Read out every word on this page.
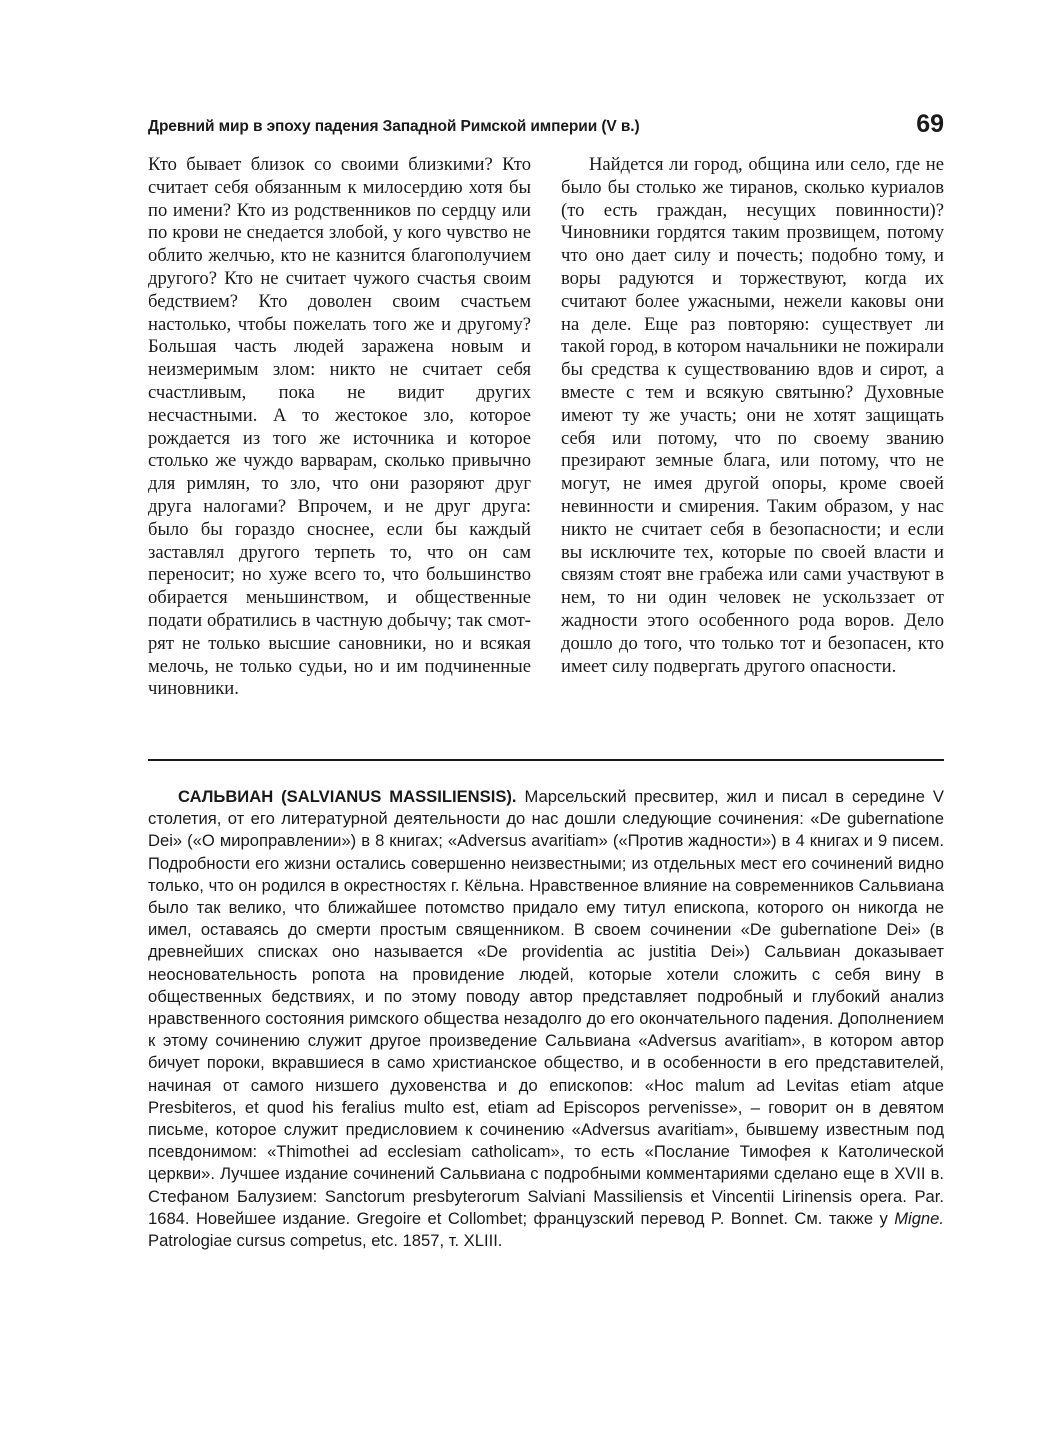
Древний мир в эпоху падения Западной Римской империи (V в.)	69

Кто бывает близок со своими близкими? Кто считает себя обязанным к милосердию хотя бы по имени? Кто из родственников по сердцу или по крови не снедается злобой, у кого чувство не облито желчью, кто не казнится благополучием другого? Кто не считает чужого счастья своим бедствием? Кто доволен своим счастьем настолько, чтобы пожелать того же и другому? Большая часть людей заражена новым и неизмеримым злом: никто не считает себя счастливым, пока не видит других несчастными. А то жестокое зло, которое рождается из того же источника и которое столько же чуждо варварам, сколько привычно для римлян, то зло, что они разоряют друг друга налогами? Впрочем, и не друг друга: было бы гораздо сноснее, если бы каждый заставлял другого терпеть то, что он сам переносит; но хуже всего то, что большинство обирается меньшинством, и общественные подати обратились в частную добычу; так смотрят не только высшие сановники, но и всякая мелочь, не только судьи, но и им подчиненные чиновники.

Найдется ли город, община или село, где не было бы столько же тиранов, сколько куриалов (то есть граждан, несущих повинности)? Чиновники гордятся таким прозвищем, потому что оно дает силу и почесть; подобно тому, и воры радуются и торжествуют, когда их считают более ужасными, нежели каковы они на деле. Еще раз повторяю: существует ли такой город, в котором начальники не пожирали бы средства к существованию вдов и сирот, а вместе с тем и всякую святыню? Духовные имеют ту же участь; они не хотят защищать себя или потому, что по своему званию презирают земные блага, или потому, что не могут, не имея другой опоры, кроме своей невинности и смирения. Таким образом, у нас никто не считает себя в безопасности; и если вы исключите тех, которые по своей власти и связям стоят вне грабежа или сами участвуют в нем, то ни один человек не ускольззает от жадности этого особенного рода воров. Дело дошло до того, что только тот и безопасен, кто имеет силу подвергать другого опасности.

САЛЬВИАН (SALVIANUS MASSILIENSIS). Марсельский пресвитер, жил и писал в середине V столетия, от его литературной деятельности до нас дошли следующие сочинения: «De gubernatione Dei» («О мироправлении») в 8 книгах; «Adversus avaritiam» («Против жадности») в 4 книгах и 9 писем. Подробности его жизни остались совершенно неизвестными; из отдельных мест его сочинений видно только, что он родился в окрестностях г. Кёльна. Нравственное влияние на современников Сальвиана было так велико, что ближайшее потомство придало ему титул епископа, которого он никогда не имел, оставаясь до смерти простым священником. В своем сочинении «De gubernatione Dei» (в древнейших списках оно называется «De providentia ac justitia Dei») Сальвиан доказывает неосновательность ропота на провидение людей, которые хотели сложить с себя вину в общественных бедствиях, и по этому поводу автор представляет подробный и глубокий анализ нравственного состояния римского общества незадолго до его окончательного падения. Дополнением к этому сочинению служит другое произведение Сальвиана «Adversus avaritiam», в котором автор бичует пороки, вкравшиеся в само христианское общество, и в особенности в его представителей, начиная от самого низшего духовенства и до епископов: «Hoc malum ad Levitas etiam atque Presbiteros, et quod his feralius multo est, etiam ad Episcopos pervenisse», – говорит он в девятом письме, которое служит предисловием к сочинению «Adversus avaritiam», бывшему известным под псевдонимом: «Thimothei ad ecclesiam catholicam», то есть «Послание Тимофея к Католической церкви». Лучшее издание сочинений Сальвиана с подробными комментариями сделано еще в XVII в. Стефаном Балузием: Sanctorum presbyterorum Salviani Massiliensis et Vincentii Lirinensis opera. Par. 1684. Новейшее издание. Gregoire et Collombet; французский перевод P. Bonnet. См. также у Migne. Patrologiae cursus competus, etc. 1857, т. XLIII.
